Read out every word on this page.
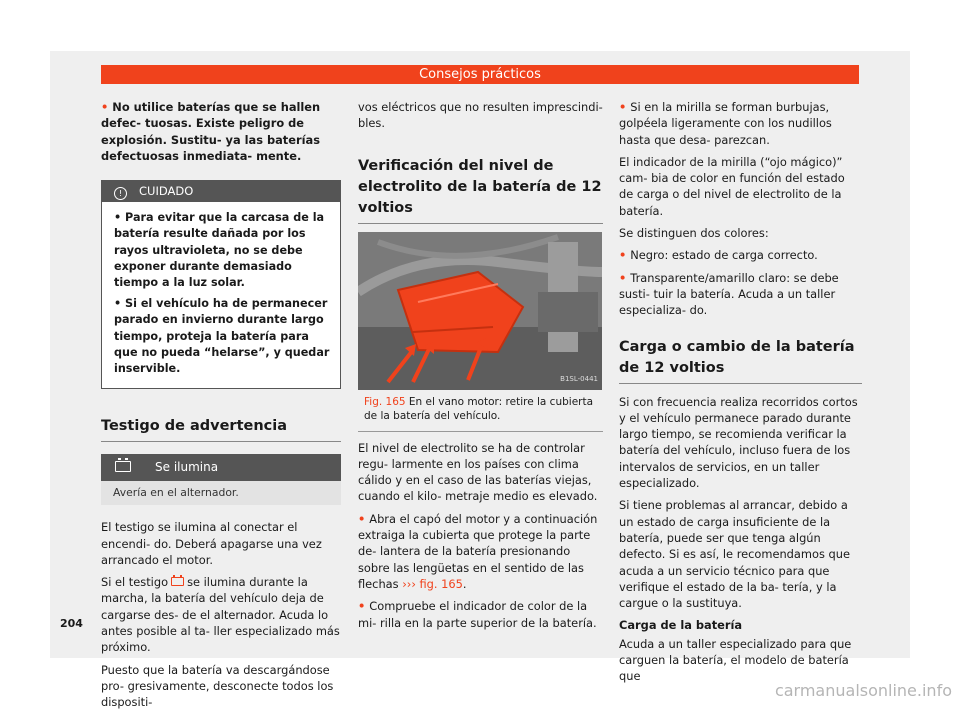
Consejos prácticos
• No utilice baterías que se hallen defec- tuosas. Existe peligro de explosión. Sustitu- ya las baterías defectuosas inmediata- mente.
! CUIDADO
• Para evitar que la carcasa de la batería resulte dañada por los rayos ultravioleta, no se debe exponer durante demasiado tiempo a la luz solar.
• Si el vehículo ha de permanecer parado en invierno durante largo tiempo, proteja la batería para que no pueda “helarse”, y quedar inservible.
Testigo de advertencia
Se ilumina
Avería en el alternador.

El testigo se ilumina al conectar el encendi- do. Deberá apagarse una vez arrancado el motor.

Si el testigo se ilumina durante la marcha, la batería del vehículo deja de cargarse des- de el alternador. Acuda lo antes posible al ta- ller especializado más próximo.

Puesto que la batería va descargándose pro- gresivamente, desconecte todos los dispositi-

vos eléctricos que no resulten imprescindi- bles.

Verificación del nivel de electrolito de la batería de 12 voltios
B1SL-0441
Fig. 165 En el vano motor: retire la cubierta de la batería del vehículo.

El nivel de electrolito se ha de controlar regu- larmente en los países con clima cálido y en el caso de las baterías viejas, cuando el kilo- metraje medio es elevado.

• Abra el capó del motor y a continuación extraiga la cubierta que protege la parte de- lantera de la batería presionando sobre las lengüetas en el sentido de las flechas ››› fig. 165.
• Compruebe el indicador de color de la mi- rilla en la parte superior de la batería.
• Si en la mirilla se forman burbujas, golpéela ligeramente con los nudillos hasta que desa- parezcan.

El indicador de la mirilla (“ojo mágico)” cam- bia de color en función del estado de carga o del nivel de electrolito de la batería.

Se distinguen dos colores:

• Negro: estado de carga correcto.
• Transparente/amarillo claro: se debe susti- tuir la batería. Acuda a un taller especializa- do.
Carga o cambio de la batería de 12 voltios

Si con frecuencia realiza recorridos cortos y el vehículo permanece parado durante largo tiempo, se recomienda verificar la batería del vehículo, incluso fuera de los intervalos de servicios, en un taller especializado.

Si tiene problemas al arrancar, debido a un estado de carga insuficiente de la batería, puede ser que tenga algún defecto. Si es así, le recomendamos que acuda a un servicio técnico para que verifique el estado de la ba- tería, y la cargue o la sustituya.

Carga de la batería

Acuda a un taller especializado para que carguen la batería, el modelo de batería que

204
carmanualsonline.info
